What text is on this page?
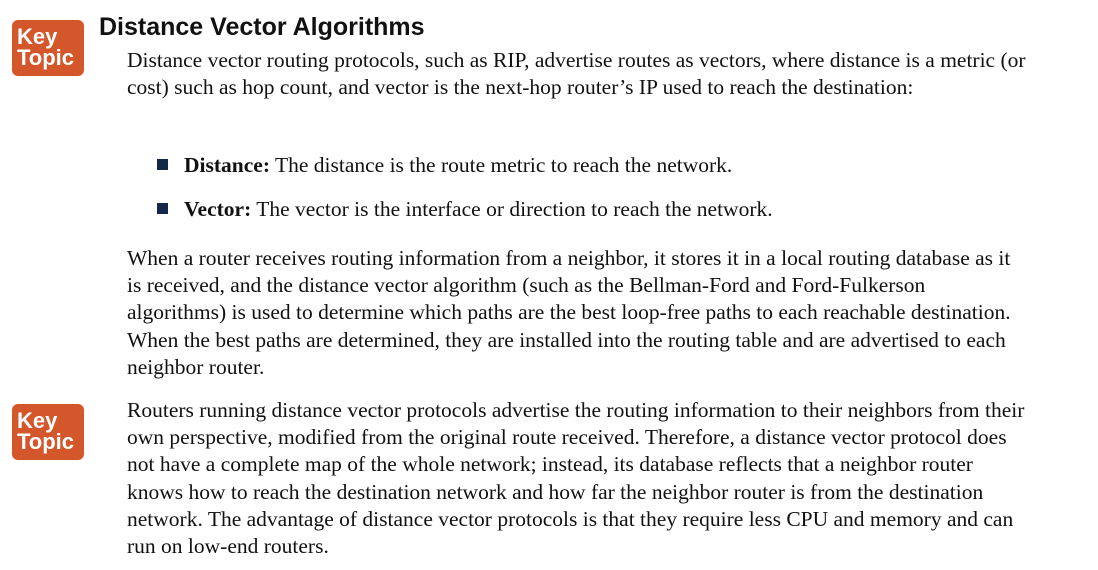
Key
Topic
Distance Vector Algorithms

Distance vector routing protocols, such as RIP, advertise routes as vectors, where distance is a metric (or cost) such as hop count, and vector is the next-hop router’s IP used to reach the destination:

Distance: The distance is the route metric to reach the network.
Vector: The vector is the interface or direction to reach the network.

When a router receives routing information from a neighbor, it stores it in a local routing database as it is received, and the distance vector algorithm (such as the Bellman-Ford and Ford-Fulkerson algorithms) is used to determine which paths are the best loop-free paths to each reachable destination. When the best paths are determined, they are installed into the routing table and are advertised to each neighbor router.

Key
Topic

Routers running distance vector protocols advertise the routing information to their neighbors from their own perspective, modified from the original route received. Therefore, a distance vector protocol does not have a complete map of the whole network; instead, its database reflects that a neighbor router knows how to reach the destination network and how far the neighbor router is from the destination network. The advantage of distance vector protocols is that they require less CPU and memory and can run on low-end routers.
